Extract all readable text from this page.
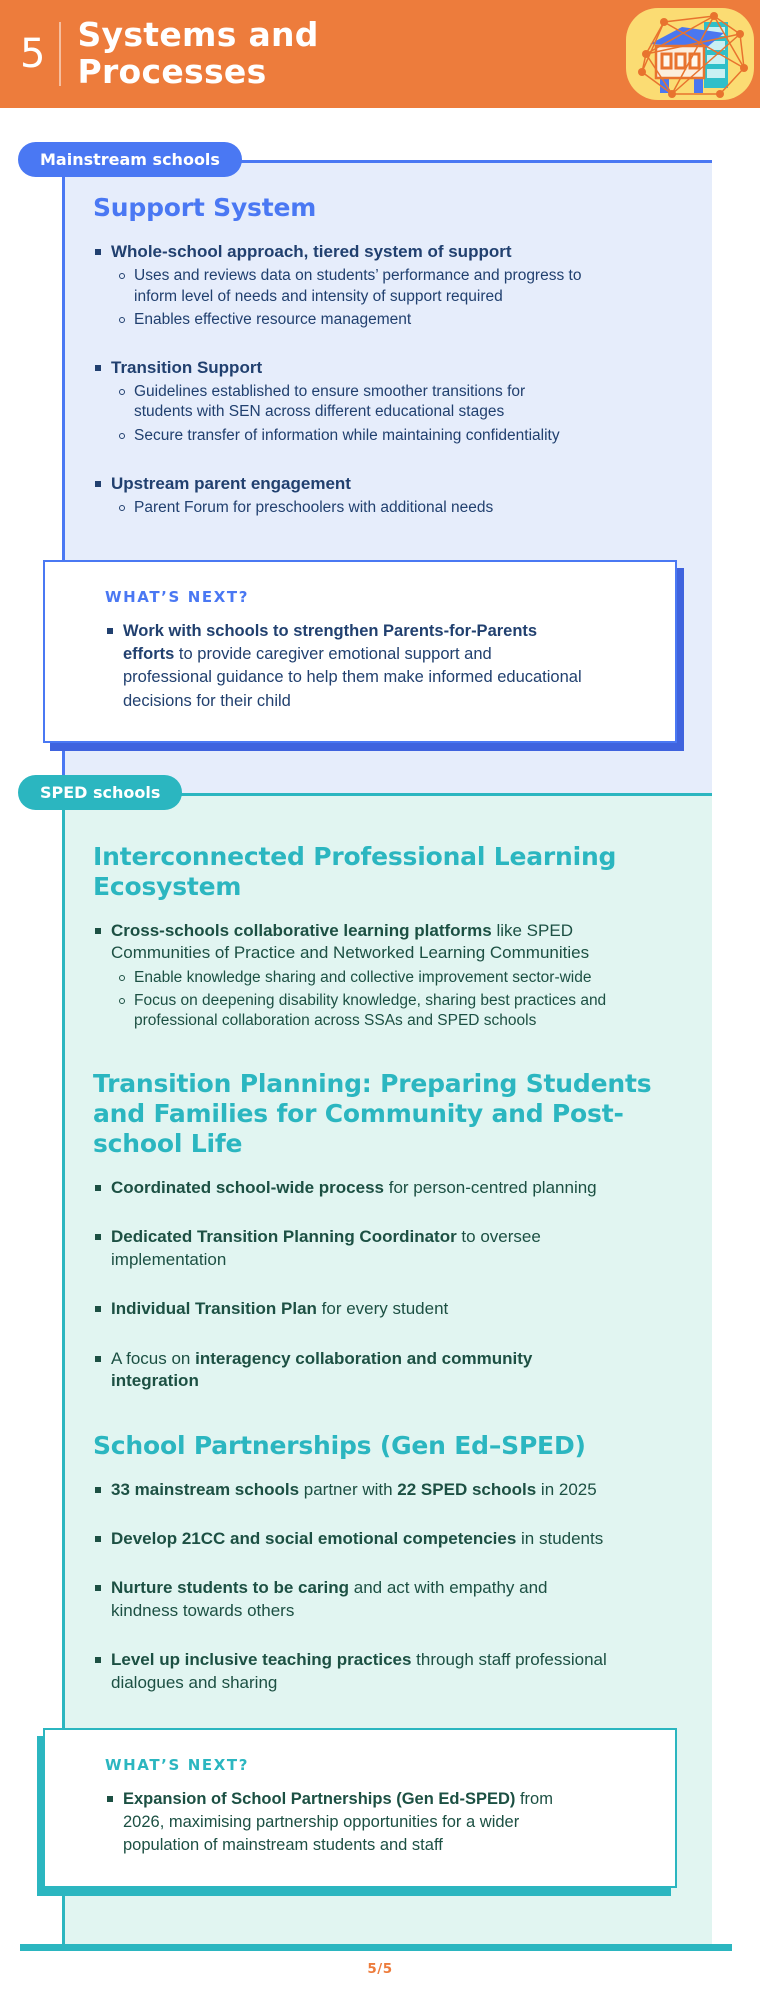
5 Systems and Processes
Mainstream schools
Support System
Whole-school approach, tiered system of support
Uses and reviews data on students’ performance and progress to inform level of needs and intensity of support required
Enables effective resource management
Transition Support
Guidelines established to ensure smoother transitions for students with SEN across different educational stages
Secure transfer of information while maintaining confidentiality
Upstream parent engagement
Parent Forum for preschoolers with additional needs
WHAT’S NEXT?
Work with schools to strengthen Parents-for-Parents efforts to provide caregiver emotional support and professional guidance to help them make informed educational decisions for their child
SPED schools
Interconnected Professional Learning Ecosystem
Cross-schools collaborative learning platforms like SPED Communities of Practice and Networked Learning Communities
Enable knowledge sharing and collective improvement sector-wide
Focus on deepening disability knowledge, sharing best practices and professional collaboration across SSAs and SPED schools
Transition Planning: Preparing Students and Families for Community and Post-school Life
Coordinated school-wide process for person-centred planning
Dedicated Transition Planning Coordinator to oversee implementation
Individual Transition Plan for every student
A focus on interagency collaboration and community integration
School Partnerships (Gen Ed–SPED)
33 mainstream schools partner with 22 SPED schools in 2025
Develop 21CC and social emotional competencies in students
Nurture students to be caring and act with empathy and kindness towards others
Level up inclusive teaching practices through staff professional dialogues and sharing
WHAT’S NEXT?
Expansion of School Partnerships (Gen Ed-SPED) from 2026, maximising partnership opportunities for a wider population of mainstream students and staff
5/5
